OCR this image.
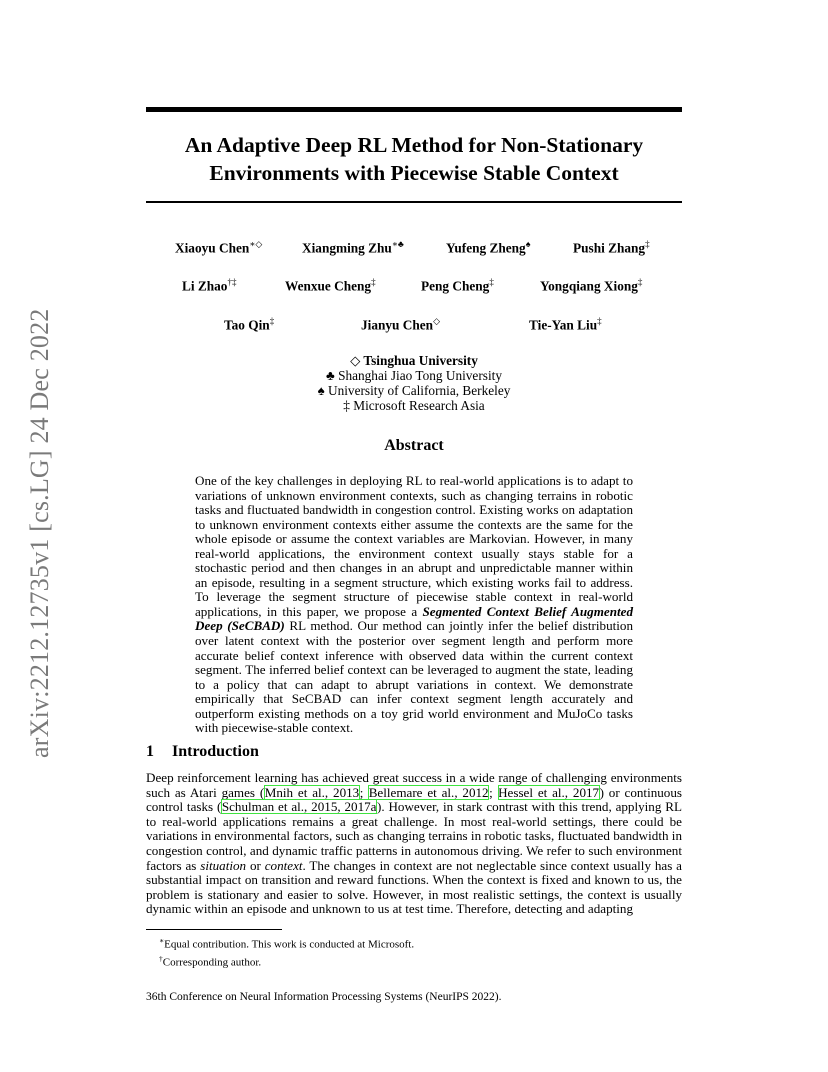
arXiv:2212.12735v1 [cs.LG] 24 Dec 2022
An Adaptive Deep RL Method for Non-Stationary
Environments with Piecewise Stable Context
Xiaoyu Chen∗◇	Xiangming Zhu∗♣	Yufeng Zheng♠	Pushi Zhang‡
Li Zhao†‡	Wenxue Cheng‡	Peng Cheng‡	Yongqiang Xiong‡
Tao Qin‡	Jianyu Chen◇	Tie-Yan Liu‡
◇ Tsinghua University
♣ Shanghai Jiao Tong University
♠ University of California, Berkeley
‡ Microsoft Research Asia
Abstract
One of the key challenges in deploying RL to real-world applications is to adapt to variations of unknown environment contexts, such as changing terrains in robotic tasks and fluctuated bandwidth in congestion control. Existing works on adaptation to unknown environment contexts either assume the contexts are the same for the whole episode or assume the context variables are Markovian. However, in many real-world applications, the environment context usually stays stable for a stochastic period and then changes in an abrupt and unpredictable manner within an episode, resulting in a segment structure, which existing works fail to address. To leverage the segment structure of piecewise stable context in real-world applications, in this paper, we propose a Segmented Context Belief Augmented Deep (SeCBAD) RL method. Our method can jointly infer the belief distribution over latent context with the posterior over segment length and perform more accurate belief context inference with observed data within the current context segment. The inferred belief context can be leveraged to augment the state, leading to a policy that can adapt to abrupt variations in context. We demonstrate empirically that SeCBAD can infer context segment length accurately and outperform existing methods on a toy grid world environment and MuJoCo tasks with piecewise-stable context.
1 Introduction
Deep reinforcement learning has achieved great success in a wide range of challenging environments such as Atari games (Mnih et al., 2013; Bellemare et al., 2012; Hessel et al., 2017) or continuous control tasks (Schulman et al., 2015, 2017a). However, in stark contrast with this trend, applying RL to real-world applications remains a great challenge. In most real-world settings, there could be variations in environmental factors, such as changing terrains in robotic tasks, fluctuated bandwidth in congestion control, and dynamic traffic patterns in autonomous driving. We refer to such environment factors as situation or context. The changes in context are not neglectable since context usually has a substantial impact on transition and reward functions. When the context is fixed and known to us, the problem is stationary and easier to solve. However, in most realistic settings, the context is usually dynamic within an episode and unknown to us at test time. Therefore, detecting and adapting
∗Equal contribution. This work is conducted at Microsoft.
†Corresponding author.
36th Conference on Neural Information Processing Systems (NeurIPS 2022).
